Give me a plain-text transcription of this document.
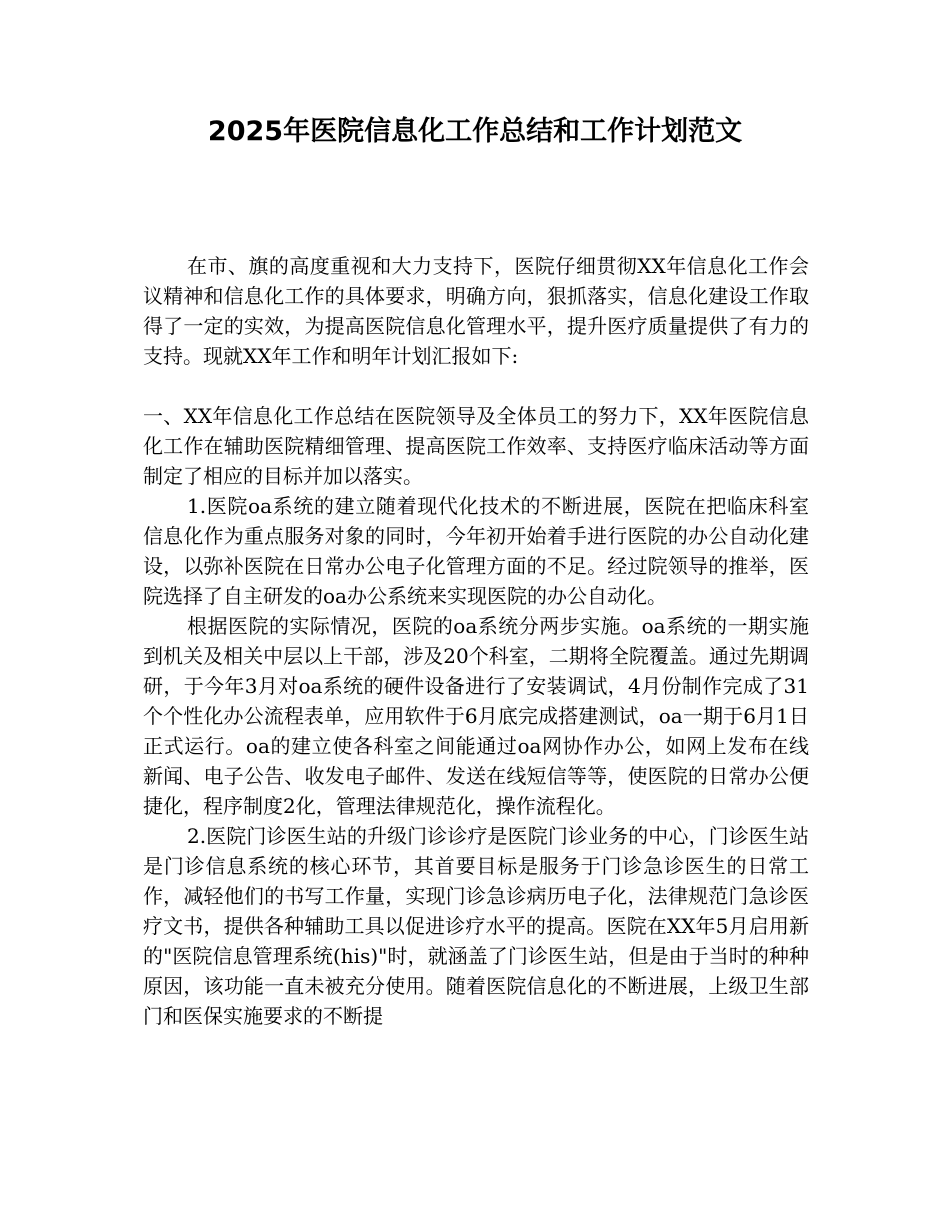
2025年医院信息化工作总结和工作计划范文

在市、旗的高度重视和大力支持下，医院仔细贯彻XX年信息化工作会议精神和信息化工作的具体要求，明确方向，狠抓落实，信息化建设工作取得了一定的实效，为提高医院信息化管理水平，提升医疗质量提供了有力的支持。现就XX年工作和明年计划汇报如下:

一、XX年信息化工作总结在医院领导及全体员工的努力下，XX年医院信息化工作在辅助医院精细管理、提高医院工作效率、支持医疗临床活动等方面制定了相应的目标并加以落实。

1.医院oa系统的建立随着现代化技术的不断进展，医院在把临床科室信息化作为重点服务对象的同时，今年初开始着手进行医院的办公自动化建设，以弥补医院在日常办公电子化管理方面的不足。经过院领导的推举，医院选择了自主研发的oa办公系统来实现医院的办公自动化。

根据医院的实际情况，医院的oa系统分两步实施。oa系统的一期实施到机关及相关中层以上干部，涉及20个科室，二期将全院覆盖。通过先期调研，于今年3月对oa系统的硬件设备进行了安装调试，4月份制作完成了31个个性化办公流程表单，应用软件于6月底完成搭建测试，oa一期于6月1日正式运行。oa的建立使各科室之间能通过oa网协作办公，如网上发布在线新闻、电子公告、收发电子邮件、发送在线短信等等，使医院的日常办公便捷化，程序制度2化，管理法律规范化，操作流程化。

2.医院门诊医生站的升级门诊诊疗是医院门诊业务的中心，门诊医生站是门诊信息系统的核心环节，其首要目标是服务于门诊急诊医生的日常工作，减轻他们的书写工作量，实现门诊急诊病历电子化，法律规范门急诊医疗文书，提供各种辅助工具以促进诊疗水平的提高。医院在XX年5月启用新的"医院信息管理系统(his)"时，就涵盖了门诊医生站，但是由于当时的种种原因，该功能一直未被充分使用。随着医院信息化的不断进展，上级卫生部门和医保实施要求的不断提
